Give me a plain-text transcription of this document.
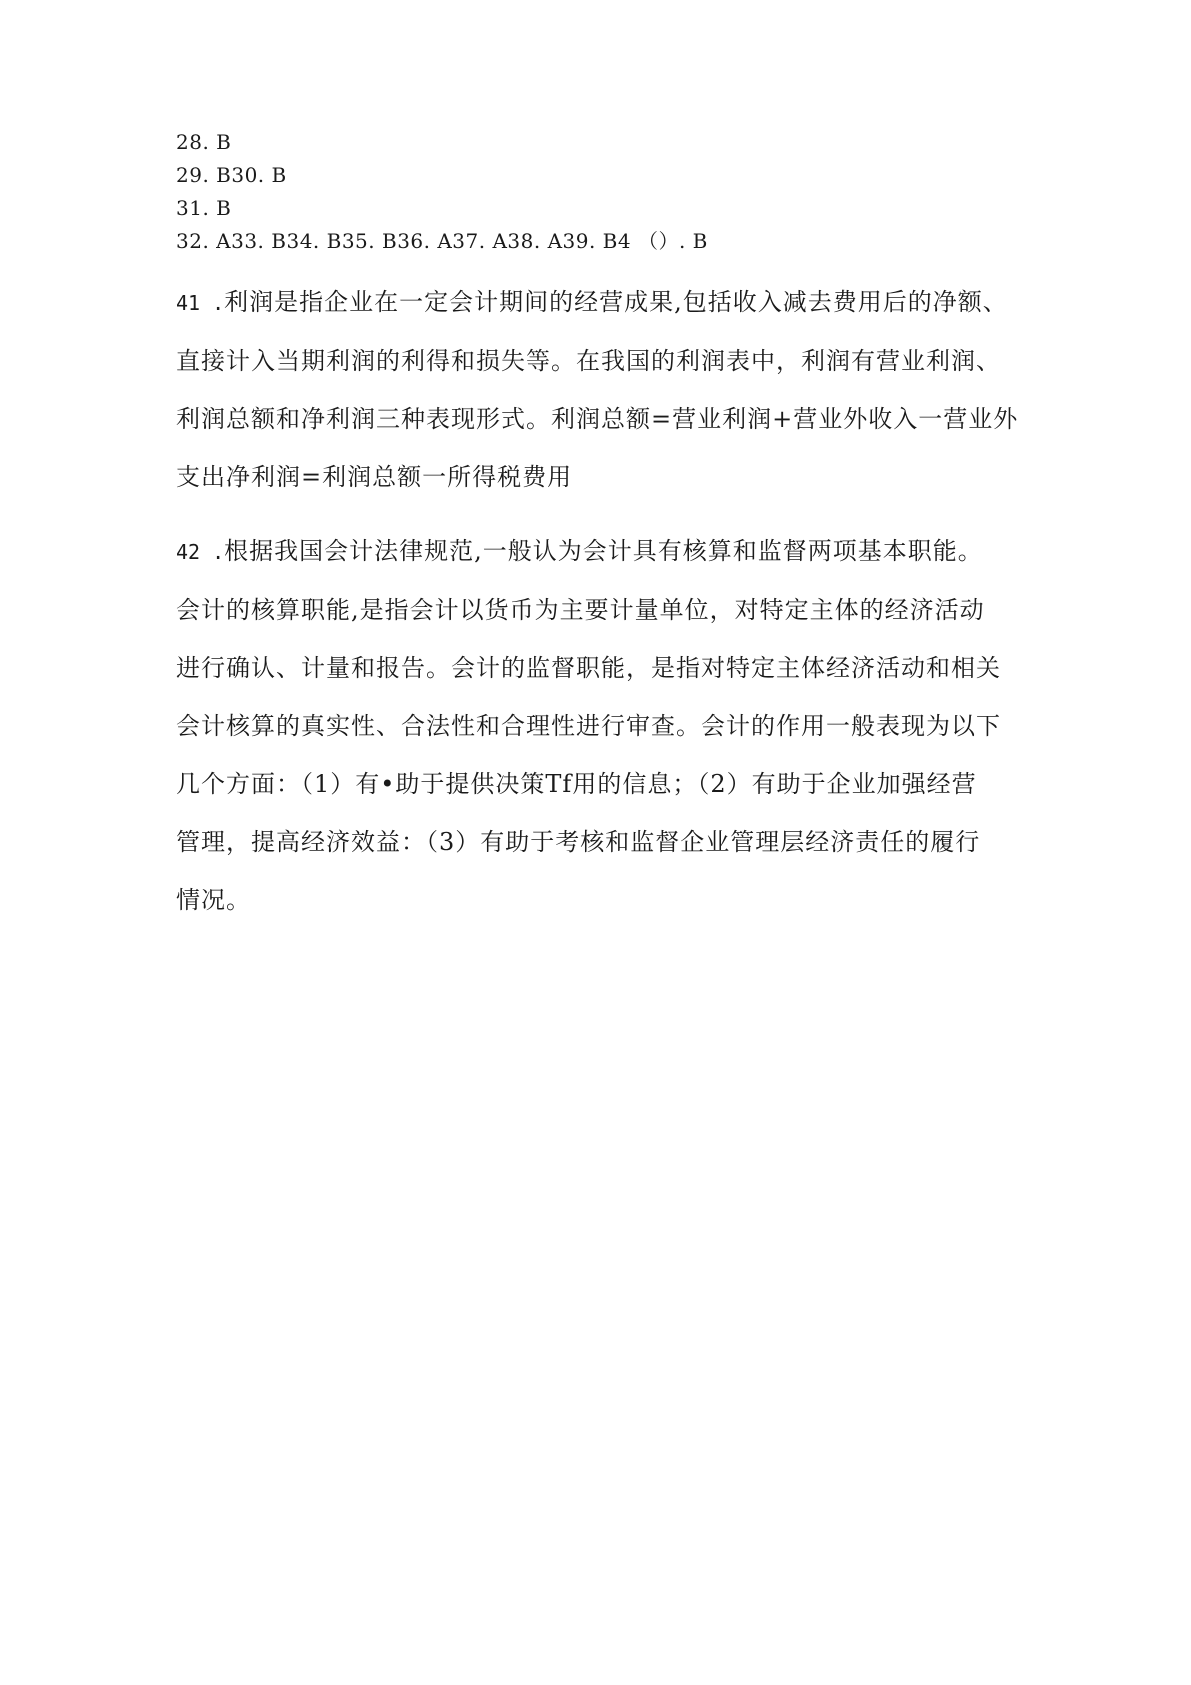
28. B
29. B30. B
31. B
32. A33. B34. B35. B36. A37. A38. A39. B4 （）. B
41 .利润是指企业在一定会计期间的经营成果,包括收入减去费用后的净额、
直接计入当期利润的利得和损失等。在我国的利润表中，利润有营业利润、
利润总额和净利润三种表现形式。利润总额=营业利润+营业外收入一营业外
支出净利润=利润总额一所得税费用
42 .根据我国会计法律规范,一般认为会计具有核算和监督两项基本职能。
会计的核算职能,是指会计以货币为主要计量单位，对特定主体的经济活动
进行确认、计量和报告。会计的监督职能，是指对特定主体经济活动和相关
会计核算的真实性、合法性和合理性进行审查。会计的作用一般表现为以下
几个方面：（1）有•助于提供决策Tf用的信息；（2）有助于企业加强经营
管理，提高经济效益：（3）有助于考核和监督企业管理层经济责任的履行
情况。
